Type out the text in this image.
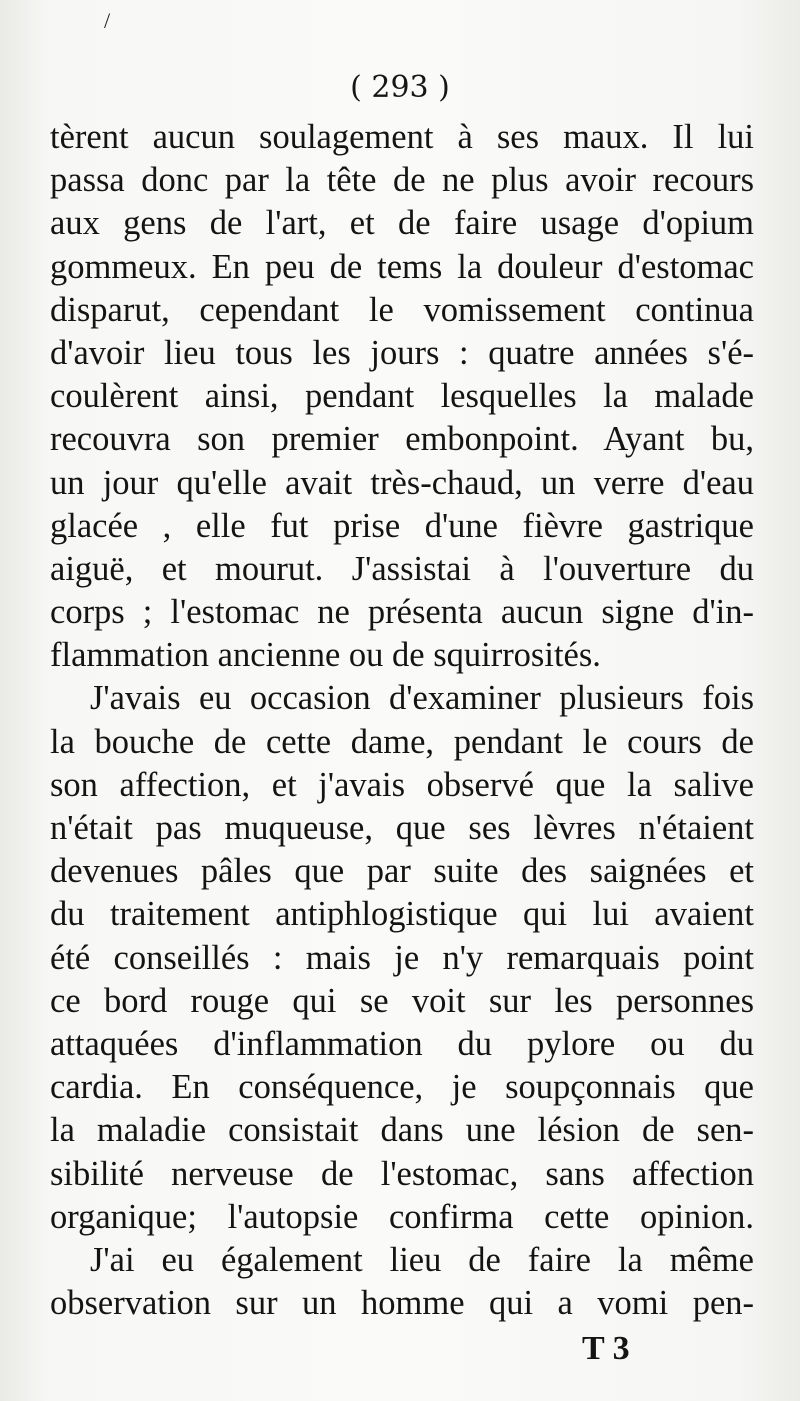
/

( 293 )

tèrent aucun soulagement à ses maux. Il lui
passa donc par la tête de ne plus avoir recours
aux gens de l'art, et de faire usage d'opium
gommeux. En peu de tems la douleur d'estomac
disparut, cependant le vomissement continua
d'avoir lieu tous les jours : quatre années s'é-
coulèrent ainsi, pendant lesquelles la malade
recouvra son premier embonpoint. Ayant bu,
un jour qu'elle avait très-chaud, un verre d'eau
glacée , elle fut prise d'une fièvre gastrique
aiguë, et mourut. J'assistai à l'ouverture du
corps ; l'estomac ne présenta aucun signe d'in-
flammation ancienne ou de squirrosités.
J'avais eu occasion d'examiner plusieurs fois
la bouche de cette dame, pendant le cours de
son affection, et j'avais observé que la salive
n'était pas muqueuse, que ses lèvres n'étaient
devenues pâles que par suite des saignées et
du traitement antiphlogistique qui lui avaient
été conseillés : mais je n'y remarquais point
ce bord rouge qui se voit sur les personnes
attaquées d'inflammation du pylore ou du
cardia. En conséquence, je soupçonnais que
la maladie consistait dans une lésion de sen-
sibilité nerveuse de l'estomac, sans affection
organique; l'autopsie confirma cette opinion.
J'ai eu également lieu de faire la même
observation sur un homme qui a vomi pen-

T 3
